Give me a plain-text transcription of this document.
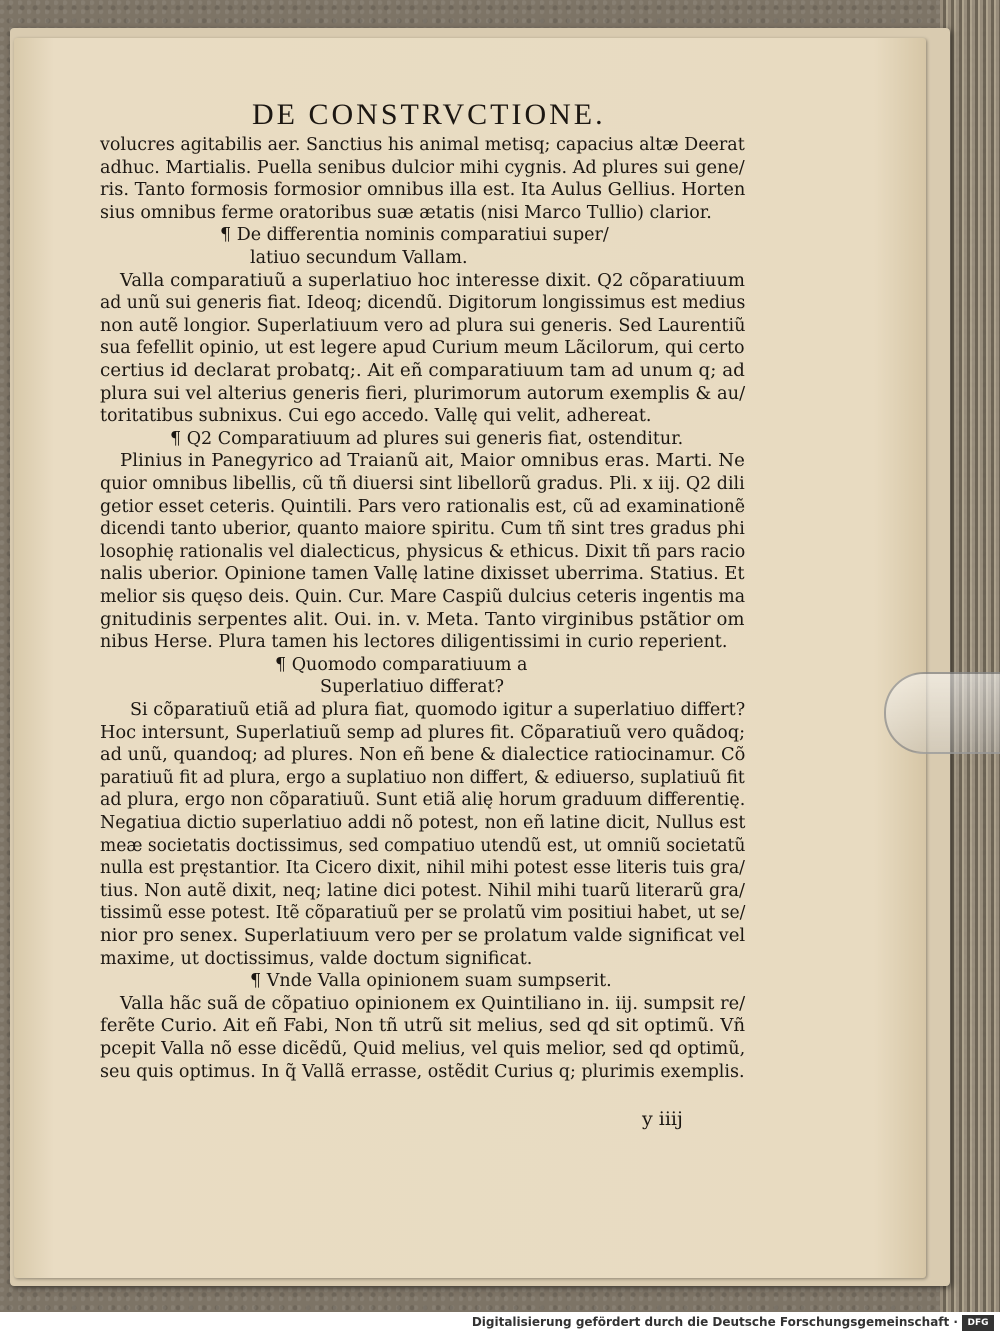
DE CONSTRVCTIONE.
volucres agitabilis aer. Sanctius his animal metisq; capacius altæ Deerat
adhuc. Martialis. Puella senibus dulcior mihi cygnis. Ad plures sui gene/
ris. Tanto formosis formosior omnibus illa est. Ita Aulus Gellius. Horten
sius omnibus ferme oratoribus suæ ætatis (nisi Marco Tullio) clarior.
¶ De differentia nominis comparatiui super/
latiuo secundum Vallam.
Valla comparatiuũ a superlatiuo hoc interesse dixit. Q2 cõparatiuum
ad unũ sui generis fiat. Ideoq; dicendũ. Digitorum longissimus est medius
non autẽ longior. Superlatiuum vero ad plura sui generis. Sed Laurentiũ
sua fefellit opinio, ut est legere apud Curium meum Lãcilorum, qui certo
certius id declarat probatq;. Ait eñ comparatiuum tam ad unum q; ad
plura sui vel alterius generis fieri, plurimorum autorum exemplis & au/
toritatibus subnixus. Cui ego accedo. Vallę qui velit, adhereat.
¶ Q2 Comparatiuum ad plures sui generis fiat, ostenditur.
Plinius in Panegyrico ad Traianũ ait, Maior omnibus eras. Marti. Ne
quior omnibus libellis, cũ tñ diuersi sint libellorũ gradus. Pli. x iij. Q2 dili
getior esset ceteris. Quintili. Pars vero rationalis est, cũ ad examinationẽ
dicendi tanto uberior, quanto maiore spiritu. Cum tñ sint tres gradus phi
losophię rationalis vel dialecticus, physicus & ethicus. Dixit tñ pars racio
nalis uberior. Opinione tamen Vallę latine dixisset uberrima. Statius. Et
melior sis quęso deis. Quin. Cur. Mare Caspiũ dulcius ceteris ingentis ma
gnitudinis serpentes alit. Oui. in. v. Meta. Tanto virginibus pstãtior om
nibus Herse. Plura tamen his lectores diligentissimi in curio reperient.
¶ Quomodo comparatiuum a
Superlatiuo differat?
Si cõparatiuũ etiã ad plura fiat, quomodo igitur a superlatiuo differt?
Hoc intersunt, Superlatiuũ semp ad plures fit. Cõparatiuũ vero quãdoq;
ad unũ, quandoq; ad plures. Non eñ bene & dialectice ratiocinamur. Cõ
paratiuũ fit ad plura, ergo a suplatiuo non differt, & ediuerso, suplatiuũ fit
ad plura, ergo non cõparatiuũ. Sunt etiã alię horum graduum differentię.
Negatiua dictio superlatiuo addi nõ potest, non eñ latine dicit, Nullus est
meæ societatis doctissimus, sed compatiuo utendũ est, ut omniũ societatũ
nulla est pręstantior. Ita Cicero dixit, nihil mihi potest esse literis tuis gra/
tius. Non autẽ dixit, neq; latine dici potest. Nihil mihi tuarũ literarũ gra/
tissimũ esse potest. Itẽ cõparatiuũ per se prolatũ vim positiui habet, ut se/
nior pro senex. Superlatiuum vero per se prolatum valde significat vel
maxime, ut doctissimus, valde doctum significat.
¶ Vnde Valla opinionem suam sumpserit.
Valla hãc suã de cõpatiuo opinionem ex Quintiliano in. iij. sumpsit re/
ferẽte Curio. Ait eñ Fabi, Non tñ utrũ sit melius, sed qd sit optimũ. Vñ
pcepit Valla nõ esse dicẽdũ, Quid melius, vel quis melior, sed qd optimũ,
seu quis optimus. In q̃ Vallã errasse, ostẽdit Curius q; plurimis exemplis.
y iiij
Digitalisierung gefördert durch die Deutsche Forschungsgemeinschaft ·	DFG
